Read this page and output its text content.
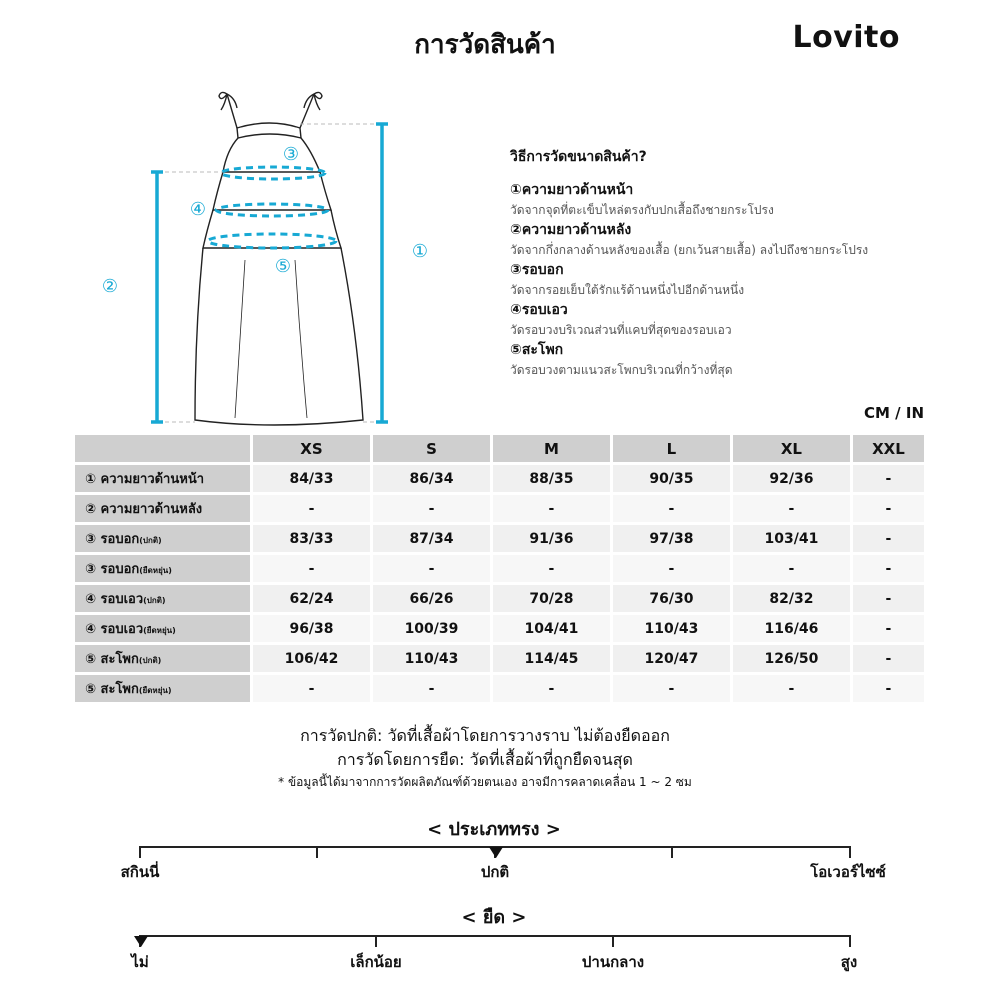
การวัดสินค้า	Lovito
①
②
③
④
⑤
วิธีการวัดขนาดสินค้า?
①ความยาวด้านหน้า
วัดจากจุดที่ตะเข็บไหล่ตรงกับปกเสื้อถึงชายกระโปรง
②ความยาวด้านหลัง
วัดจากกึ่งกลางด้านหลังของเสื้อ (ยกเว้นสายเสื้อ) ลงไปถึงชายกระโปรง
③รอบอก
วัดจากรอยเย็บใต้รักแร้ด้านหนึ่งไปอีกด้านหนึ่ง
④รอบเอว
วัดรอบวงบริเวณส่วนที่แคบที่สุดของรอบเอว
⑤สะโพก
วัดรอบวงตามแนวสะโพกบริเวณที่กว้างที่สุด
CM / IN
	XS	S	M	L	XL	XXL
① ความยาวด้านหน้า	84/33	86/34	88/35	90/35	92/36	-
② ความยาวด้านหลัง	-	-	-	-	-	-
③ รอบอก(ปกติ)	83/33	87/34	91/36	97/38	103/41	-
③ รอบอก(ยืดหยุ่น)	-	-	-	-	-	-
④ รอบเอว(ปกติ)	62/24	66/26	70/28	76/30	82/32	-
④ รอบเอว(ยืดหยุ่น)	96/38	100/39	104/41	110/43	116/46	-
⑤ สะโพก(ปกติ)	106/42	110/43	114/45	120/47	126/50	-
⑤ สะโพก(ยืดหยุ่น)	-	-	-	-	-	-
การวัดปกติ: วัดที่เสื้อผ้าโดยการวางราบ ไม่ต้องยืดออก
การวัดโดยการยืด: วัดที่เสื้อผ้าที่ถูกยืดจนสุด
* ข้อมูลนี้ได้มาจากการวัดผลิตภัณฑ์ด้วยตนเอง อาจมีการคลาดเคลื่อน 1 ~ 2 ซม
< ประเภททรง >
สกินนี่	ปกติ	โอเวอร์ไซซ์
< ยืด >
ไม่	เล็กน้อย	ปานกลาง	สูง
